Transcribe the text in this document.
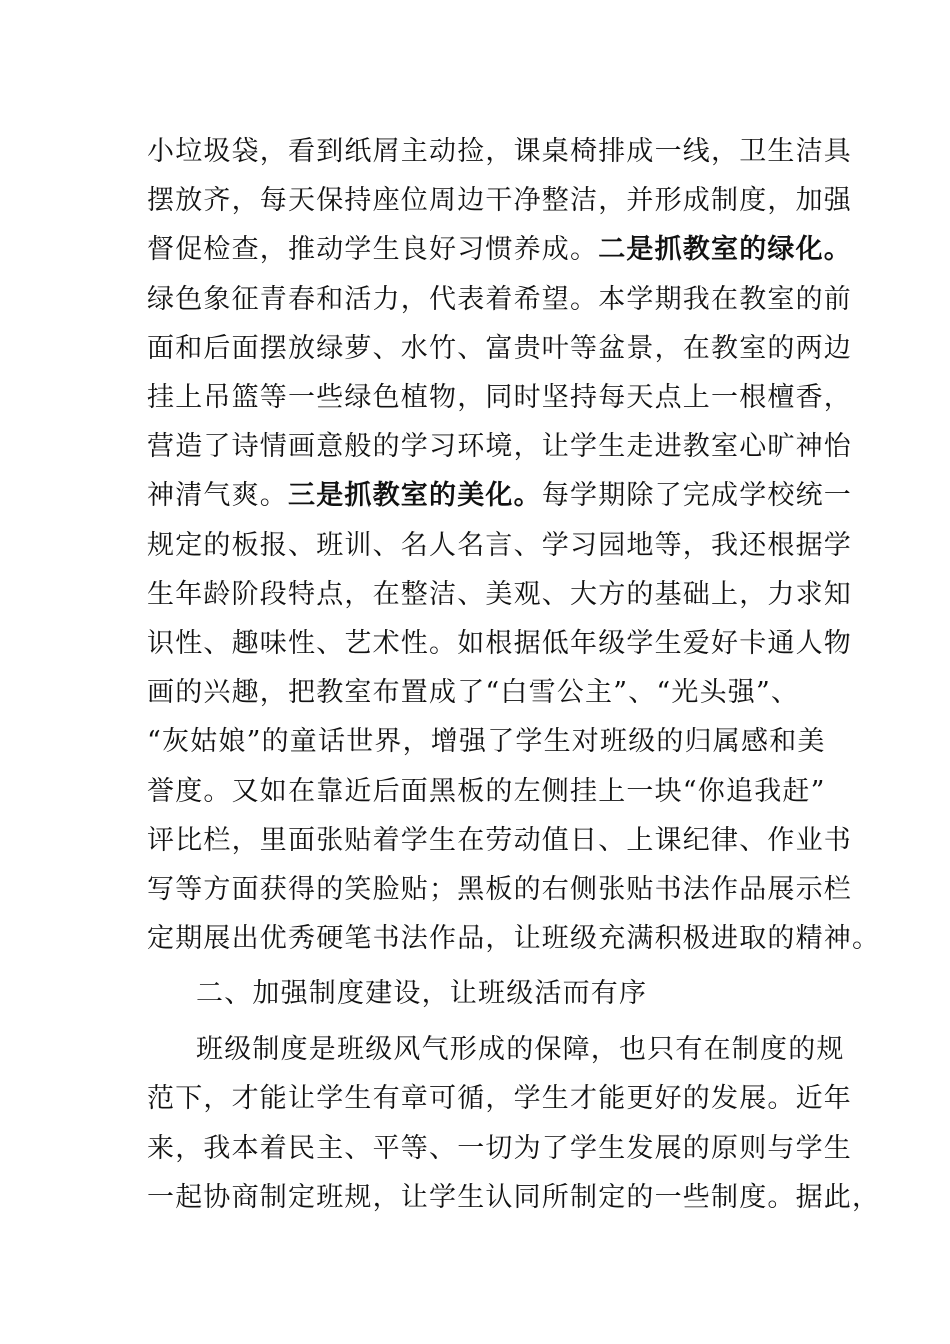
小垃圾袋，看到纸屑主动捡，课桌椅排成一线，卫生洁具
摆放齐，每天保持座位周边干净整洁，并形成制度，加强
督促检查，推动学生良好习惯养成。二是抓教室的绿化。
绿色象征青春和活力，代表着希望。本学期我在教室的前
面和后面摆放绿萝、水竹、富贵叶等盆景，在教室的两边
挂上吊篮等一些绿色植物，同时坚持每天点上一根檀香，
营造了诗情画意般的学习环境，让学生走进教室心旷神怡
神清气爽。三是抓教室的美化。每学期除了完成学校统一
规定的板报、班训、名人名言、学习园地等，我还根据学
生年龄阶段特点，在整洁、美观、大方的基础上，力求知
识性、趣味性、艺术性。如根据低年级学生爱好卡通人物
画的兴趣，把教室布置成了“白雪公主”、“光头强”、
“灰姑娘”的童话世界，增强了学生对班级的归属感和美
誉度。又如在靠近后面黑板的左侧挂上一块“你追我赶”
评比栏，里面张贴着学生在劳动值日、上课纪律、作业书
写等方面获得的笑脸贴；黑板的右侧张贴书法作品展示栏
定期展出优秀硬笔书法作品，让班级充满积极进取的精神。
二、加强制度建设，让班级活而有序
班级制度是班级风气形成的保障，也只有在制度的规
范下，才能让学生有章可循，学生才能更好的发展。近年
来，我本着民主、平等、一切为了学生发展的原则与学生
一起协商制定班规，让学生认同所制定的一些制度。据此，
